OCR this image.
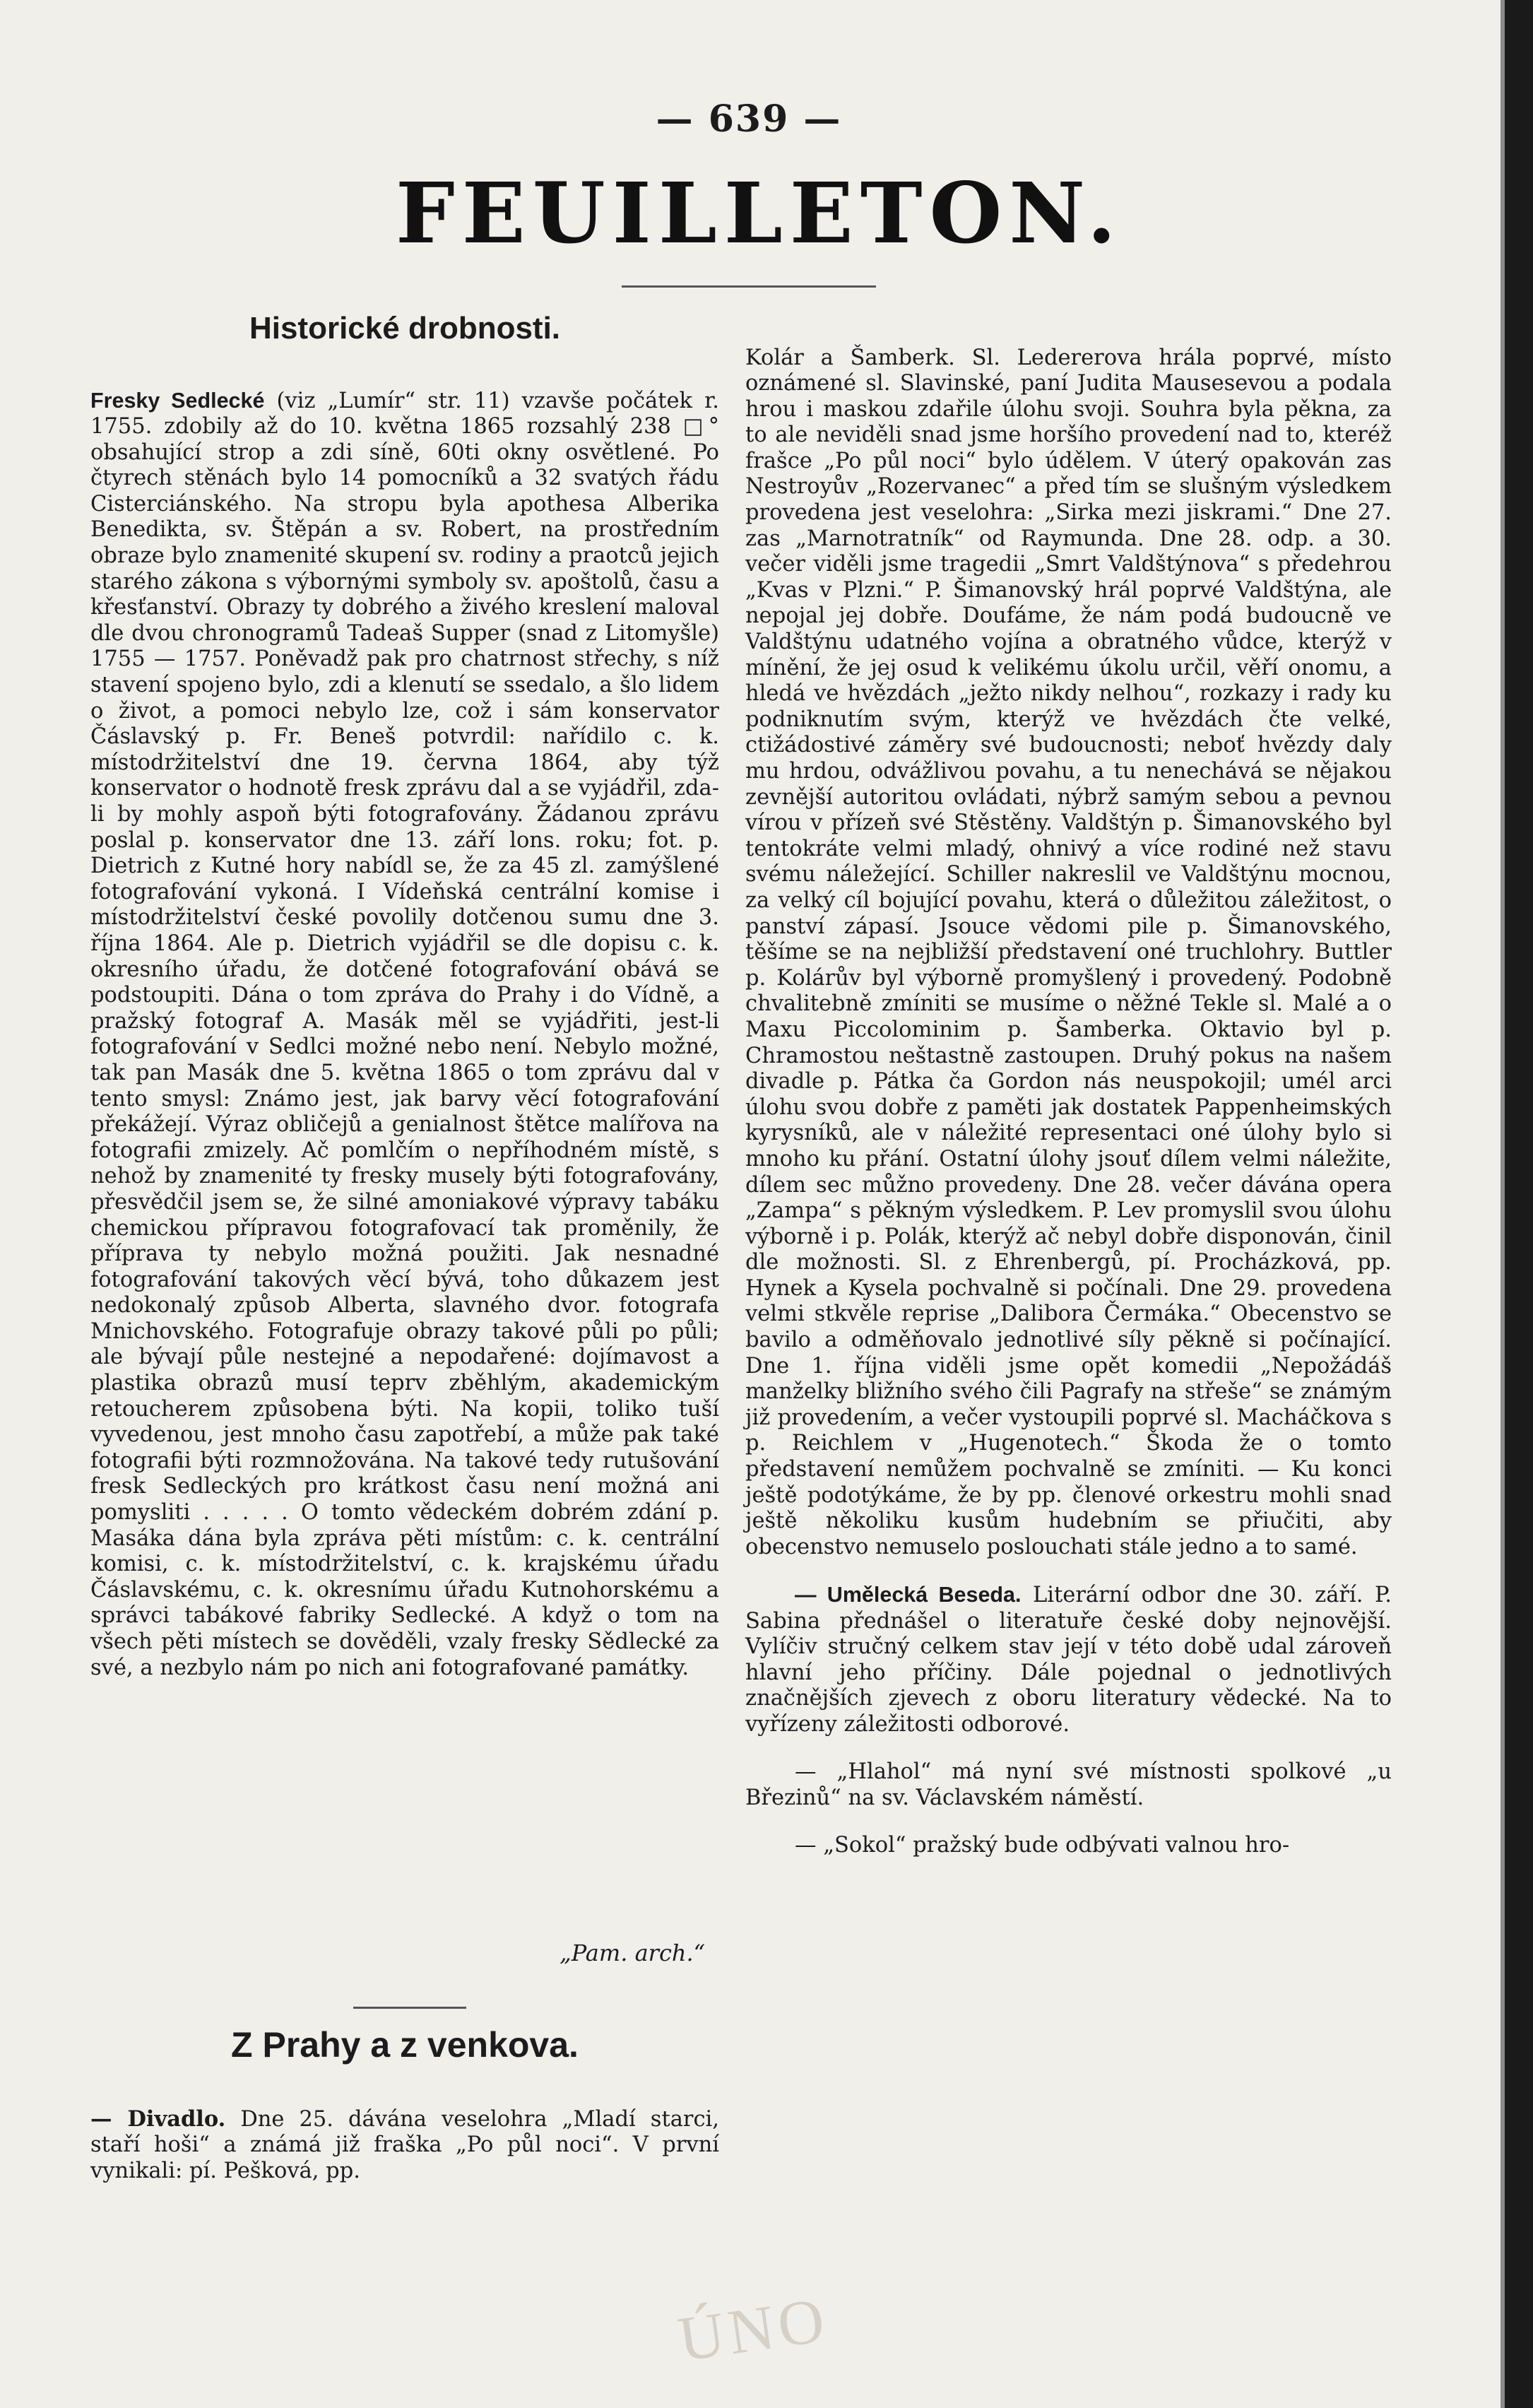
— 639 —
FEUILLETON.
Historické drobnosti.

Fresky Sedlecké (viz „Lumír“ str. 11) vzavše počátek r. 1755. zdobily až do 10. května 1865 rozsahlý 238 □° obsahující strop a zdi síně, 60ti okny osvětlené. Po čtyrech stěnách bylo 14 pomocníků a 32 svatých řádu Cisterciánského. Na stropu byla apothesa Alberika Benedikta, sv. Štěpán a sv. Robert, na prostředním obraze bylo znamenité skupení sv. rodiny a praotců jejich starého zákona s výbornými symboly sv. apoštolů, času a křesťanství. Obrazy ty dobrého a živého kreslení maloval dle dvou chronogramů Tadeaš Supper (snad z Litomyšle) 1755 — 1757. Poněvadž pak pro chatrnost střechy, s níž stavení spojeno bylo, zdi a klenutí se ssedalo, a šlo lidem o život, a pomoci nebylo lze, což i sám konservator Čáslavský p. Fr. Beneš potvrdil: nařídilo c. k. místodržitelství dne 19. června 1864, aby týž konservator o hodnotě fresk zprávu dal a se vyjádřil, zda-li by mohly aspoň býti fotografovány. Žádanou zprávu poslal p. konservator dne 13. září lons. roku; fot. p. Dietrich z Kutné hory nabídl se, že za 45 zl. zamýšlené fotografování vykoná. I Vídeňská centrální komise i místodržitelství české povolily dotčenou sumu dne 3. října 1864. Ale p. Dietrich vyjádřil se dle dopisu c. k. okresního úřadu, že dotčené fotografování obává se podstoupiti. Dána o tom zpráva do Prahy i do Vídně, a pražský fotograf A. Masák měl se vyjádřiti, jest-li fotografování v Sedlci možné nebo není. Nebylo možné, tak pan Masák dne 5. května 1865 o tom zprávu dal v tento smysl: Známo jest, jak barvy věcí fotografování překážejí. Výraz obličejů a genialnost štětce malířova na fotografii zmizely. Ač pomlčím o nepříhodném místě, s nehož by znamenité ty fresky musely býti fotografovány, přesvědčil jsem se, že silné amoniakové výpravy tabáku chemickou přípravou fotografovací tak proměnily, že příprava ty nebylo možná použiti. Jak nesnadné fotografování takových věcí bývá, toho důkazem jest nedokonalý způsob Alberta, slavného dvor. fotografa Mnichovského. Fotografuje obrazy takové půli po půli; ale bývají půle nestejné a nepodařené: dojímavost a plastika obrazů musí teprv zběhlým, akademickým retoucherem způsobena býti. Na kopii, toliko tuší vyvedenou, jest mnoho času zapotřebí, a může pak také fotografii býti rozmnožována. Na takové tedy rutušování fresk Sedleckých pro krátkost času není možná ani pomysliti . . . . . O tomto vědeckém dobrém zdání p. Masáka dána byla zpráva pěti místům: c. k. centrální komisi, c. k. místodržitelství, c. k. krajskému úřadu Čáslavskému, c. k. okresnímu úřadu Kutnohorskému a správci tabákové fabriky Sedlecké. A když o tom na všech pěti místech se dověděli, vzaly fresky Sědlecké za své, a nezbylo nám po nich ani fotografované památky.

„Pam. arch.“
Z Prahy a z venkova.

— Divadlo. Dne 25. dávána veselohra „Mladí starci, staří hoši“ a známá již fraška „Po půl noci“. V první vynikali: pí. Pešková, pp.

Kolár a Šamberk. Sl. Ledererova hrála poprvé, místo oznámené sl. Slavinské, paní Judita Mausesevou a podala hrou i maskou zdařile úlohu svoji. Souhra byla pěkna, za to ale neviděli snad jsme horšího provedení nad to, kteréž frašce „Po půl noci“ bylo údělem. V úterý opakován zas Nestroyův „Rozervanec“ a před tím se slušným výsledkem provedena jest veselohra: „Sirka mezi jiskrami.“ Dne 27. zas „Marnotratník“ od Raymunda. Dne 28. odp. a 30. večer viděli jsme tragedii „Smrt Valdštýnova“ s předehrou „Kvas v Plzni.“ P. Šimanovský hrál poprvé Valdštýna, ale nepojal jej dobře. Doufáme, že nám podá budoucně ve Valdštýnu udatného vojína a obratného vůdce, kterýž v mínění, že jej osud k velikému úkolu určil, věří onomu, a hledá ve hvězdách „ježto nikdy nelhou“, rozkazy i rady ku podniknutím svým, kterýž ve hvězdách čte velké, ctižádostivé záměry své budoucnosti; neboť hvězdy daly mu hrdou, odvážlivou povahu, a tu nenechává se nějakou zevnější autoritou ovládati, nýbrž samým sebou a pevnou vírou v přízeň své Stěstěny. Valdštýn p. Šimanovského byl tentokráte velmi mladý, ohnivý a více rodiné než stavu svému náležející. Schiller nakreslil ve Valdštýnu mocnou, za velký cíl bojující povahu, která o důležitou záležitost, o panství zápasí. Jsouce vědomi pile p. Šimanovského, těšíme se na nejbližší představení oné truchlohry. Buttler p. Kolárův byl výborně promyšlený i provedený. Podobně chvalitebně zmíniti se musíme o něžné Tekle sl. Malé a o Maxu Piccolominim p. Šamberka. Oktavio byl p. Chramostou neštastně zastoupen. Druhý pokus na našem divadle p. Pátka ča Gordon nás neuspokojil; umél arci úlohu svou dobře z paměti jak dostatek Pappenheimských kyrysníků, ale v náležité representaci oné úlohy bylo si mnoho ku přání. Ostatní úlohy jsouť dílem velmi náležite, dílem sec můžno provedeny. Dne 28. večer dávána opera „Zampa“ s pěkným výsledkem. P. Lev promyslil svou úlohu výborně i p. Polák, kterýž ač nebyl dobře disponován, činil dle možnosti. Sl. z Ehrenbergů, pí. Procházková, pp. Hynek a Kysela pochvalně si počínali. Dne 29. provedena velmi stkvěle reprise „Dalibora Čermáka.“ Obecenstvo se bavilo a odměňovalo jednotlivé síly pěkně si počínající. Dne 1. října viděli jsme opět komedii „Nepožádáš manželky bližního svého čili Pagrafy na střeše“ se známým již provedením, a večer vystoupili poprvé sl. Macháčkova s p. Reichlem v „Hugenotech.“ Škoda že o tomto představení nemůžem pochvalně se zmíniti. — Ku konci ještě podotýkáme, že by pp. členové orkestru mohli snad ještě několiku kusům hudebním se přiučiti, aby obecenstvo nemuselo poslouchati stále jedno a to samé.

— Umělecká Beseda. Literární odbor dne 30. září. P. Sabina přednášel o literatuře české doby nejnovější. Vylíčiv stručný celkem stav její v této době udal zároveň hlavní jeho příčiny. Dále pojednal o jednotlivých značnějších zjevech z oboru literatury vědecké. Na to vyřízeny záležitosti odborové.

— „Hlahol“ má nyní své místnosti spolkové „u Březinů“ na sv. Václavském náměstí.

— „Sokol“ pražský bude odbývati valnou hro-

ÚNO
